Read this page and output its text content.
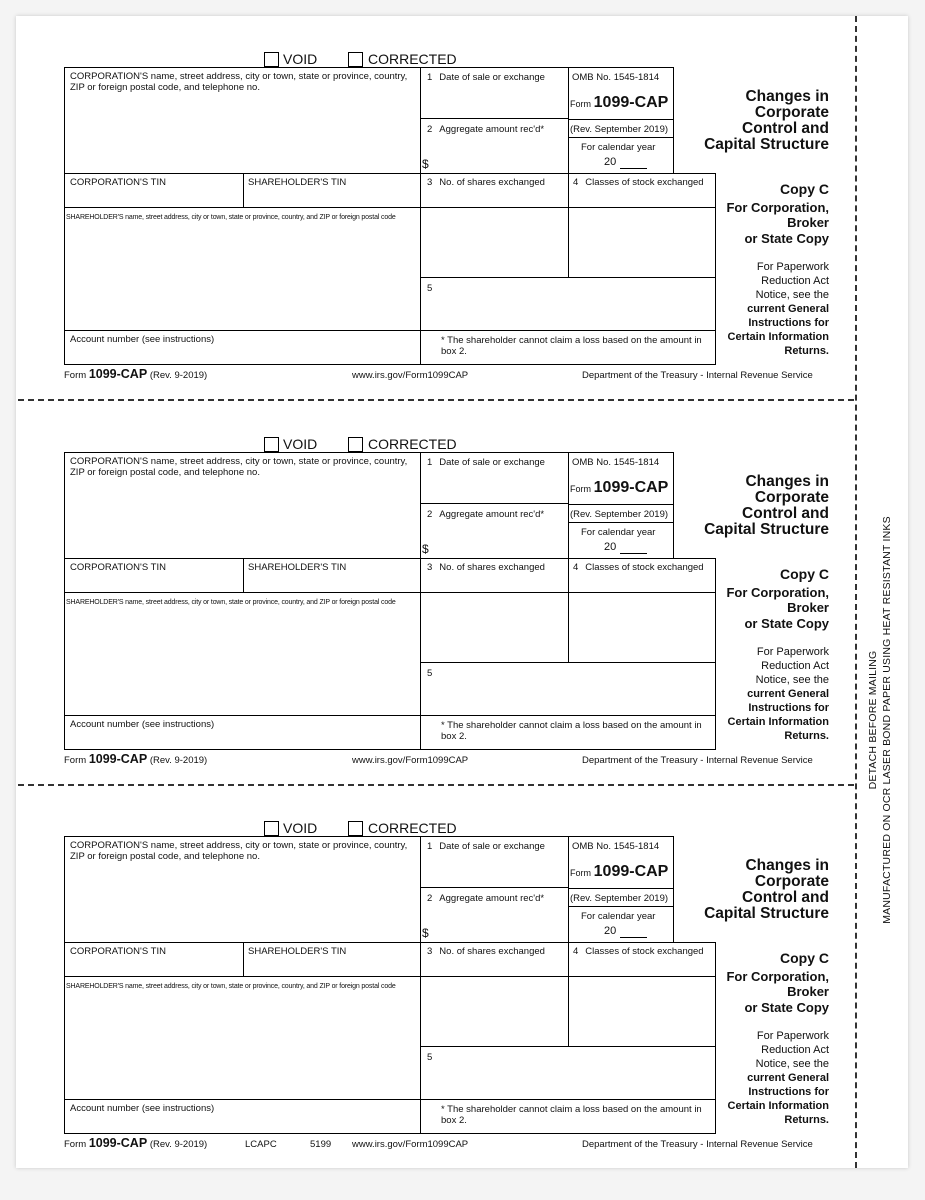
DETACH BEFORE MAILING MANUFACTURED ON OCR LASER BOND PAPER USING HEAT RESISTANT INKS
VOID	CORRECTED
CORPORATION'S name, street address, city or town, state or province, country, ZIP or foreign postal code, and telephone no.
1 Date of sale or exchange
2 Aggregate amount rec'd*
$
OMB No. 1545-1814
Form 1099-CAP
(Rev. September 2019)
For calendar year
20
CORPORATION'S TIN	SHAREHOLDER'S TIN	3 No. of shares exchanged	4 Classes of stock exchanged
SHAREHOLDER'S name, street address, city or town, state or province, country, and ZIP or foreign postal code
5
Account number (see instructions)	* The shareholder cannot claim a loss based on the amount in box 2.
Changes in
Corporate
Control and
Capital Structure
Copy C
For Corporation,
Broker
or State Copy
For Paperwork
Reduction Act
Notice, see the
current General
Instructions for
Certain Information
Returns.
Form 1099-CAP (Rev. 9-2019)	www.irs.gov/Form1099CAP	Department of the Treasury - Internal Revenue Service
VOID	CORRECTED
CORPORATION'S name, street address, city or town, state or province, country, ZIP or foreign postal code, and telephone no.
1 Date of sale or exchange
2 Aggregate amount rec'd*
$
OMB No. 1545-1814
Form 1099-CAP
(Rev. September 2019)
For calendar year
20
CORPORATION'S TIN	SHAREHOLDER'S TIN	3 No. of shares exchanged	4 Classes of stock exchanged
SHAREHOLDER'S name, street address, city or town, state or province, country, and ZIP or foreign postal code
5
Account number (see instructions)	* The shareholder cannot claim a loss based on the amount in box 2.
Changes in
Corporate
Control and
Capital Structure
Copy C
For Corporation,
Broker
or State Copy
For Paperwork
Reduction Act
Notice, see the
current General
Instructions for
Certain Information
Returns.
Form 1099-CAP (Rev. 9-2019)	www.irs.gov/Form1099CAP	Department of the Treasury - Internal Revenue Service
VOID	CORRECTED
CORPORATION'S name, street address, city or town, state or province, country, ZIP or foreign postal code, and telephone no.
1 Date of sale or exchange
2 Aggregate amount rec'd*
$
OMB No. 1545-1814
Form 1099-CAP
(Rev. September 2019)
For calendar year
20
CORPORATION'S TIN	SHAREHOLDER'S TIN	3 No. of shares exchanged	4 Classes of stock exchanged
SHAREHOLDER'S name, street address, city or town, state or province, country, and ZIP or foreign postal code
5
Account number (see instructions)	* The shareholder cannot claim a loss based on the amount in box 2.
Changes in
Corporate
Control and
Capital Structure
Copy C
For Corporation,
Broker
or State Copy
For Paperwork
Reduction Act
Notice, see the
current General
Instructions for
Certain Information
Returns.
Form 1099-CAP (Rev. 9-2019)	LCAPC	5199 www.irs.gov/Form1099CAP	Department of the Treasury - Internal Revenue Service
